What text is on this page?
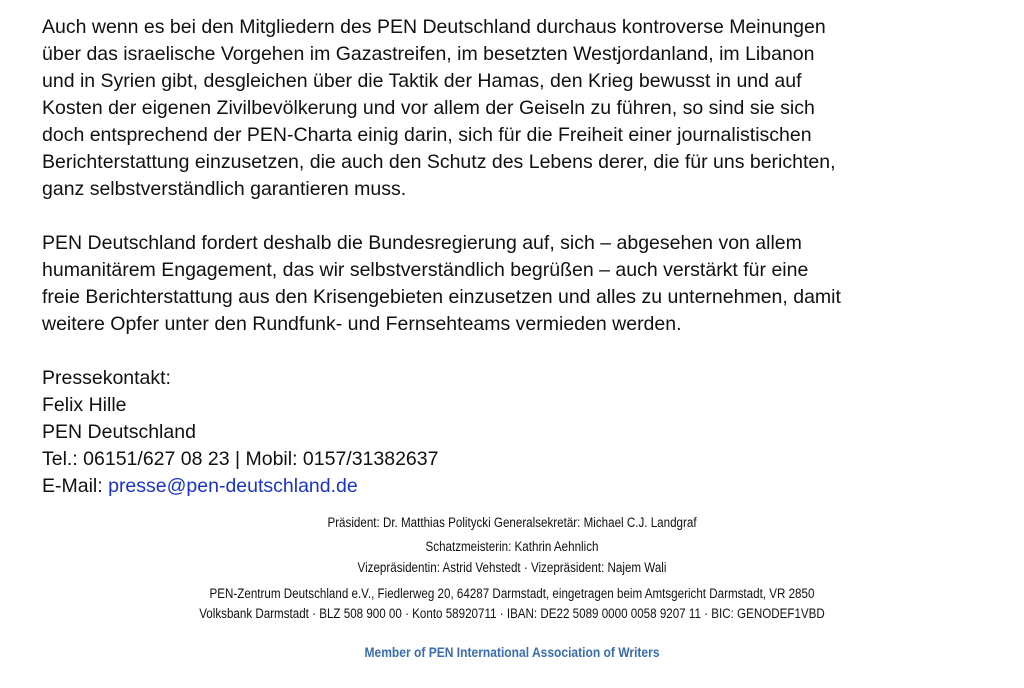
Auch wenn es bei den Mitgliedern des PEN Deutschland durchaus kontroverse Meinungen
über das israelische Vorgehen im Gazastreifen, im besetzten Westjordanland, im Libanon
und in Syrien gibt, desgleichen über die Taktik der Hamas, den Krieg bewusst in und auf
Kosten der eigenen Zivilbevölkerung und vor allem der Geiseln zu führen, so sind sie sich
doch entsprechend der PEN-Charta einig darin, sich für die Freiheit einer journalistischen
Berichterstattung einzusetzen, die auch den Schutz des Lebens derer, die für uns berichten,
ganz selbstverständlich garantieren muss.

PEN Deutschland fordert deshalb die Bundesregierung auf, sich – abgesehen von allem
humanitärem Engagement, das wir selbstverständlich begrüßen – auch verstärkt für eine
freie Berichterstattung aus den Krisengebieten einzusetzen und alles zu unternehmen, damit
weitere Opfer unter den Rundfunk- und Fernsehteams vermieden werden.

Pressekontakt:
Felix Hille
PEN Deutschland
Tel.: 06151/627 08 23 | Mobil: 0157/31382637
E-Mail: presse@pen-deutschland.de
Präsident: Dr. Matthias Politycki Generalsekretär: Michael C.J. Landgraf
Schatzmeisterin: Kathrin Aehnlich
Vizepräsidentin: Astrid Vehstedt · Vizepräsident: Najem Wali
PEN-Zentrum Deutschland e.V., Fiedlerweg 20, 64287 Darmstadt, eingetragen beim Amtsgericht Darmstadt, VR 2850
Volksbank Darmstadt · BLZ 508 900 00 · Konto 58920711 · IBAN: DE22 5089 0000 0058 9207 11 · BIC: GENODEF1VBD
Member of PEN International Association of Writers
